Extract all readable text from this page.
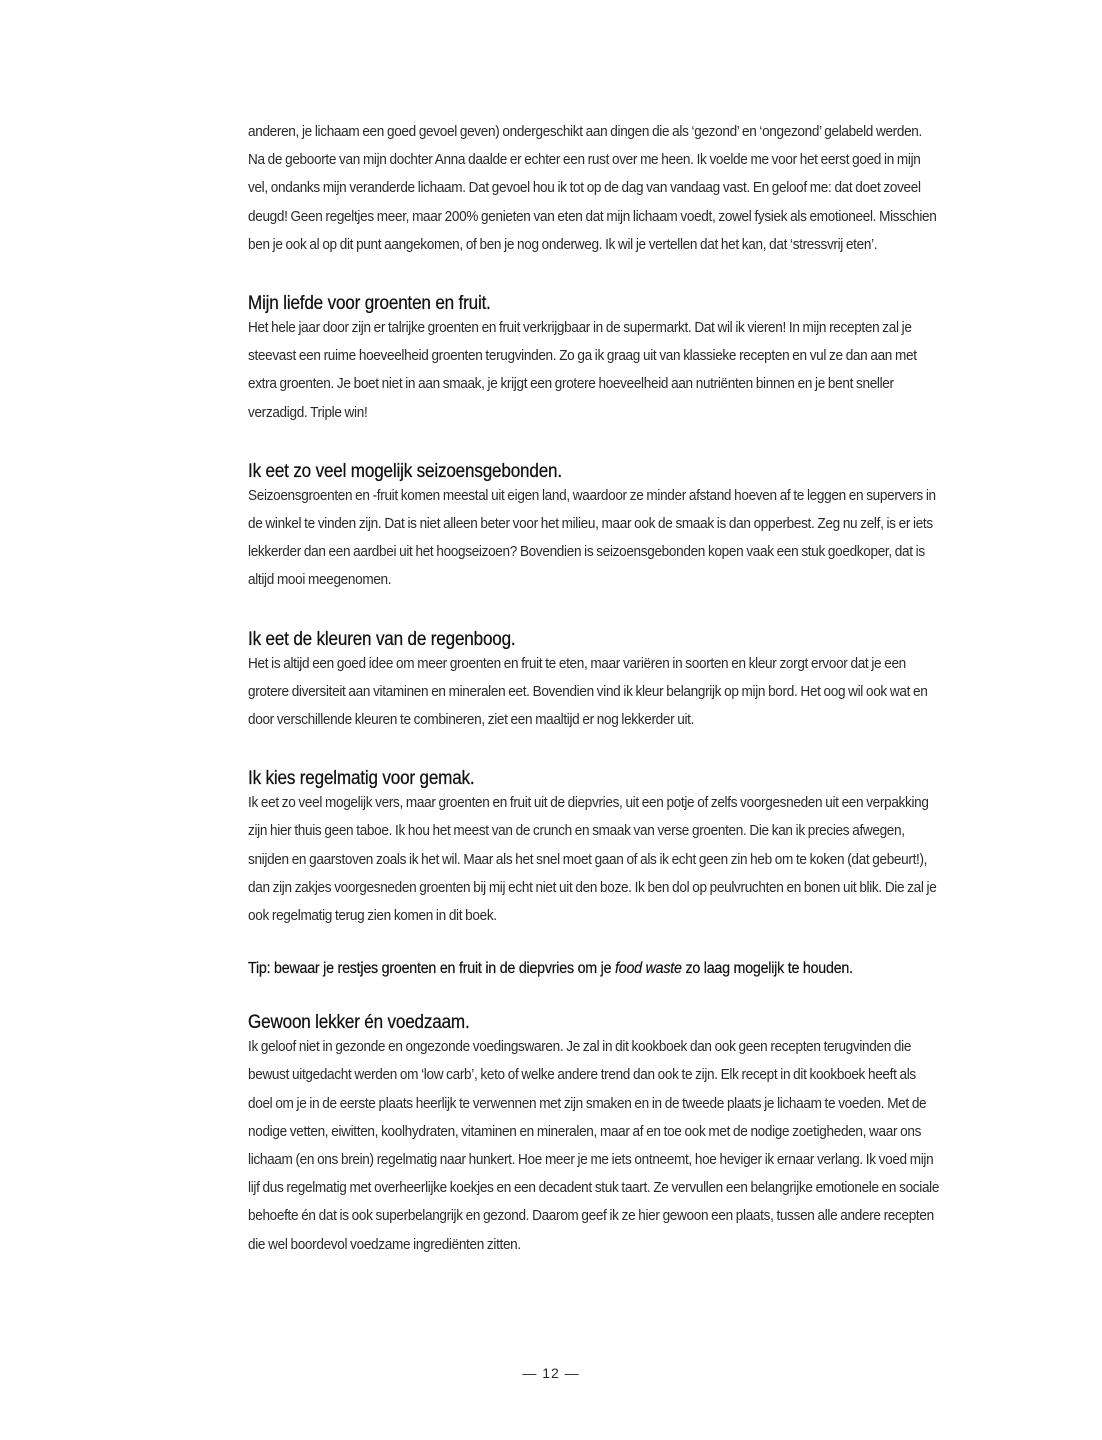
anderen, je lichaam een goed gevoel geven) ondergeschikt aan dingen die als ‘gezond’ en ‘ongezond’ gelabeld werden. Na de geboorte van mijn dochter Anna daalde er echter een rust over me heen. Ik voelde me voor het eerst goed in mijn vel, ondanks mijn veranderde lichaam. Dat gevoel hou ik tot op de dag van vandaag vast. En geloof me: dat doet zoveel deugd! Geen regeltjes meer, maar 200% genieten van eten dat mijn lichaam voedt, zowel fysiek als emotioneel. Misschien ben je ook al op dit punt aangekomen, of ben je nog onderweg. Ik wil je vertellen dat het kan, dat ‘stressvrij eten’.

Mijn liefde voor groenten en fruit.

Het hele jaar door zijn er talrijke groenten en fruit verkrijgbaar in de supermarkt. Dat wil ik vieren! In mijn recepten zal je steevast een ruime hoeveelheid groenten terugvinden. Zo ga ik graag uit van klassieke recepten en vul ze dan aan met extra groenten. Je boet niet in aan smaak, je krijgt een grotere hoeveelheid aan nutriënten binnen en je bent sneller verzadigd. Triple win!

Ik eet zo veel mogelijk seizoensgebonden.

Seizoensgroenten en -fruit komen meestal uit eigen land, waardoor ze minder afstand hoeven af te leggen en supervers in de winkel te vinden zijn. Dat is niet alleen beter voor het milieu, maar ook de smaak is dan opperbest. Zeg nu zelf, is er iets lekkerder dan een aardbei uit het hoogseizoen? Bovendien is seizoensgebonden kopen vaak een stuk goedkoper, dat is altijd mooi meegenomen.

Ik eet de kleuren van de regenboog.

Het is altijd een goed idee om meer groenten en fruit te eten, maar variëren in soorten en kleur zorgt ervoor dat je een grotere diversiteit aan vitaminen en mineralen eet. Bovendien vind ik kleur belangrijk op mijn bord. Het oog wil ook wat en door verschillende kleuren te combineren, ziet een maaltijd er nog lekkerder uit.

Ik kies regelmatig voor gemak.

Ik eet zo veel mogelijk vers, maar groenten en fruit uit de diepvries, uit een potje of zelfs voorgesneden uit een verpakking zijn hier thuis geen taboe. Ik hou het meest van de crunch en smaak van verse groenten. Die kan ik precies afwegen, snijden en gaarstoven zoals ik het wil. Maar als het snel moet gaan of als ik echt geen zin heb om te koken (dat gebeurt!), dan zijn zakjes voorgesneden groenten bij mij echt niet uit den boze. Ik ben dol op peulvruchten en bonen uit blik. Die zal je ook regelmatig terug zien komen in dit boek.

Tip: bewaar je restjes groenten en fruit in de diepvries om je food waste zo laag mogelijk te houden.

Gewoon lekker én voedzaam.

Ik geloof niet in gezonde en ongezonde voedingswaren. Je zal in dit kookboek dan ook geen recepten terugvinden die bewust uitgedacht werden om ‘low carb’, keto of welke andere trend dan ook te zijn. Elk recept in dit kookboek heeft als doel om je in de eerste plaats heerlijk te verwennen met zijn smaken en in de tweede plaats je lichaam te voeden. Met de nodige vetten, eiwitten, koolhydraten, vitaminen en mineralen, maar af en toe ook met de nodige zoetigheden, waar ons lichaam (en ons brein) regelmatig naar hunkert. Hoe meer je me iets ontneemt, hoe heviger ik ernaar verlang. Ik voed mijn lijf dus regelmatig met overheerlijke koekjes en een decadent stuk taart. Ze vervullen een belangrijke emotionele en sociale behoefte én dat is ook superbelangrijk en gezond. Daarom geef ik ze hier gewoon een plaats, tussen alle andere recepten die wel boordevol voedzame ingrediënten zitten.

— 12 —
